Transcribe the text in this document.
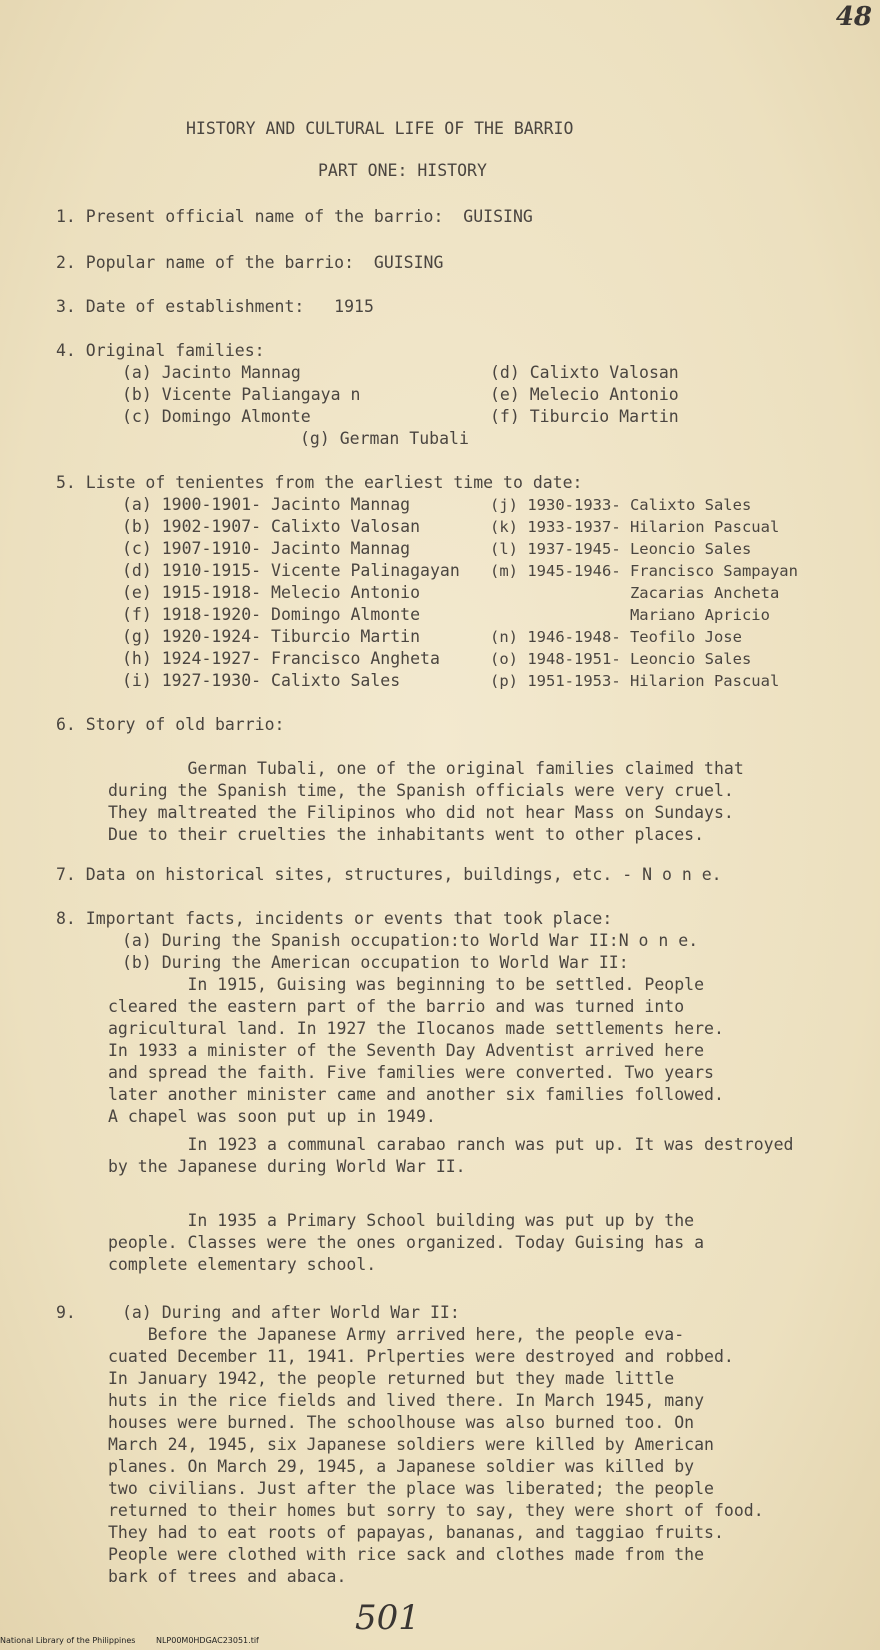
48
HISTORY AND CULTURAL LIFE OF THE BARRIO
PART ONE: HISTORY
1. Present official name of the barrio:  GUISING
2. Popular name of the barrio:  GUISING
3. Date of establishment:   1915
4. Original families:
(a) Jacinto Mannag
(b) Vicente Paliangaya n
(c) Domingo Almonte
(d) Calixto Valosan
(e) Melecio Antonio
(f) Tiburcio Martin
(g) German Tubali
5. Liste of tenientes from the earliest time to date:
(a) 1900-1901- Jacinto Mannag
(b) 1902-1907- Calixto Valosan
(c) 1907-1910- Jacinto Mannag
(d) 1910-1915- Vicente Palinagayan
(e) 1915-1918- Melecio Antonio
(f) 1918-1920- Domingo Almonte
(g) 1920-1924- Tiburcio Martin
(h) 1924-1927- Francisco Angheta
(i) 1927-1930- Calixto Sales
(j) 1930-1933- Calixto Sales
(k) 1933-1937- Hilarion Pascual
(l) 1937-1945- Leoncio Sales
(m) 1945-1946- Francisco Sampayan
Zacarias Ancheta
Mariano Apricio
(n) 1946-1948- Teofilo Jose
(o) 1948-1951- Leoncio Sales
(p) 1951-1953- Hilarion Pascual
6. Story of old barrio:
German Tubali, one of the original families claimed that
during the Spanish time, the Spanish officials were very cruel.
They maltreated the Filipinos who did not hear Mass on Sundays.
Due to their cruelties the inhabitants went to other places.
7. Data on historical sites, structures, buildings, etc. - N o n e.
8. Important facts, incidents or events that took place:
(a) During the Spanish occupation:to World War II:N o n e.
(b) During the American occupation to World War II:
In 1915, Guising was beginning to be settled. People
cleared the eastern part of the barrio and was turned into
agricultural land. In 1927 the Ilocanos made settlements here.
In 1933 a minister of the Seventh Day Adventist arrived here
and spread the faith. Five families were converted. Two years
later another minister came and another six families followed.
A chapel was soon put up in 1949.
In 1923 a communal carabao ranch was put up. It was destroyed
by the Japanese during World War II.
In 1935 a Primary School building was put up by the
people. Classes were the ones organized. Today Guising has a
complete elementary school.
9.	(a) During and after World War II:
Before the Japanese Army arrived here, the people eva-
cuated December 11, 1941. Prlperties were destroyed and robbed.
In January 1942, the people returned but they made little
huts in the rice fields and lived there. In March 1945, many
houses were burned. The schoolhouse was also burned too. On
March 24, 1945, six Japanese soldiers were killed by American
planes. On March 29, 1945, a Japanese soldier was killed by
two civilians. Just after the place was liberated; the people
returned to their homes but sorry to say, they were short of food.
They had to eat roots of papayas, bananas, and taggiao fruits.
People were clothed with rice sack and clothes made from the
bark of trees and abaca.
501
National Library of the Philippines	NLP00M0HDGAC23051.tif
